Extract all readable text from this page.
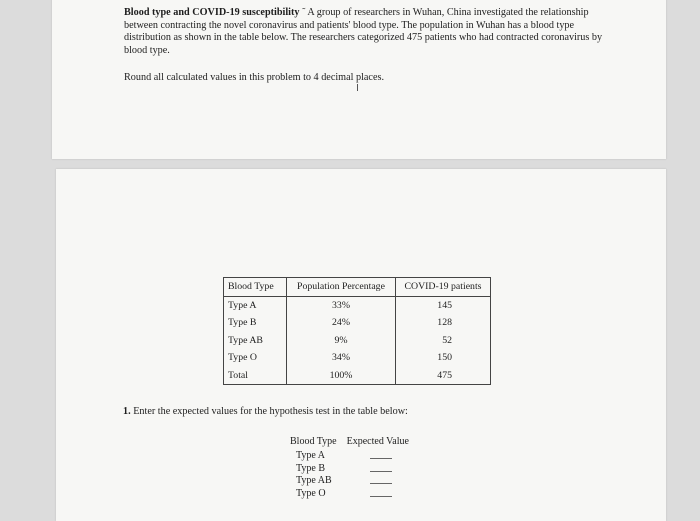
Blood type and COVID-19 susceptibility ˜ A group of researchers in Wuhan, China investigated the relationship between contracting the novel coronavirus and patients' blood type. The population in Wuhan has a blood type distribution as shown in the table below. The researchers categorized 475 patients who had contracted coronavirus by blood type.
Round all calculated values in this problem to 4 decimal places.
Blood Type	Population Percentage	COVID-19 patients
Type A	33%	145
Type B	24%	128
Type AB	9%	52
Type O	34%	150
Total	100%	475
1. Enter the expected values for the hypothesis test in the table below:
Blood Type Expected Value
Type A
Type B
Type AB
Type O
